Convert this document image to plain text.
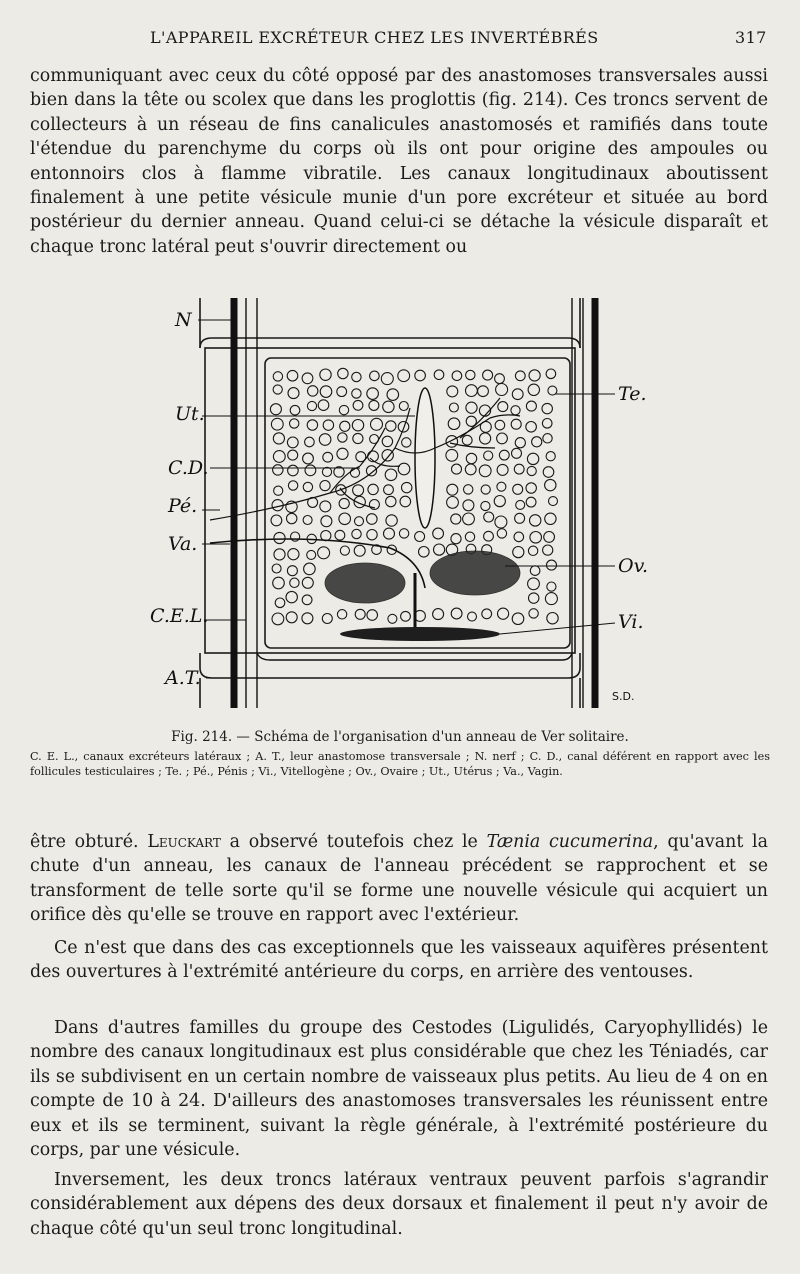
L'APPAREIL EXCRÉTEUR CHEZ LES INVERTÉBRÉS	317

communiquant avec ceux du côté opposé par des anastomoses transversales aussi bien dans la tête ou scolex que dans les proglottis (fig. 214). Ces troncs servent de collecteurs à un réseau de fins canalicules anastomosés et ramifiés dans toute l'étendue du parenchyme du corps où ils ont pour origine des ampoules ou entonnoirs clos à flamme vibratile. Les canaux longitudinaux aboutissent finalement à une petite vésicule munie d'un pore excréteur et située au bord postérieur du dernier anneau. Quand celui-ci se détache la vésicule disparaît et chaque tronc latéral peut s'ouvrir directement ou

N
Ut.
C.D.
Pé.
Va.
C.E.L.
A.T.
Te.
Ov.
Vi.
S.D.
Fig. 214. — Schéma de l'organisation d'un anneau de Ver solitaire.
C. E. L., canaux excréteurs latéraux ; A. T., leur anastomose transversale ; N. nerf ; C. D., canal déférent en rapport avec les follicules testiculaires ; Te. ; Pé., Pénis ; Vi., Vitellogène ; Ov., Ovaire ; Ut., Utérus ; Va., Vagin.

être obturé. Leuckart a observé toutefois chez le Tænia cucumerina, qu'avant la chute d'un anneau, les canaux de l'anneau précédent se rapprochent et se transforment de telle sorte qu'il se forme une nouvelle vésicule qui acquiert un orifice dès qu'elle se trouve en rapport avec l'extérieur.

Ce n'est que dans des cas exceptionnels que les vaisseaux aquifères présentent des ouvertures à l'extrémité antérieure du corps, en arrière des ventouses.

Dans d'autres familles du groupe des Cestodes (Ligulidés, Caryophyllidés) le nombre des canaux longitudinaux est plus considérable que chez les Téniadés, car ils se subdivisent en un certain nombre de vaisseaux plus petits. Au lieu de 4 on en compte de 10 à 24. D'ailleurs des anastomoses transversales les réunissent entre eux et ils se terminent, suivant la règle générale, à l'extrémité postérieure du corps, par une vésicule.

Inversement, les deux troncs latéraux ventraux peuvent parfois s'agrandir considérablement aux dépens des deux dorsaux et finalement il peut n'y avoir de chaque côté qu'un seul tronc longitudinal.
